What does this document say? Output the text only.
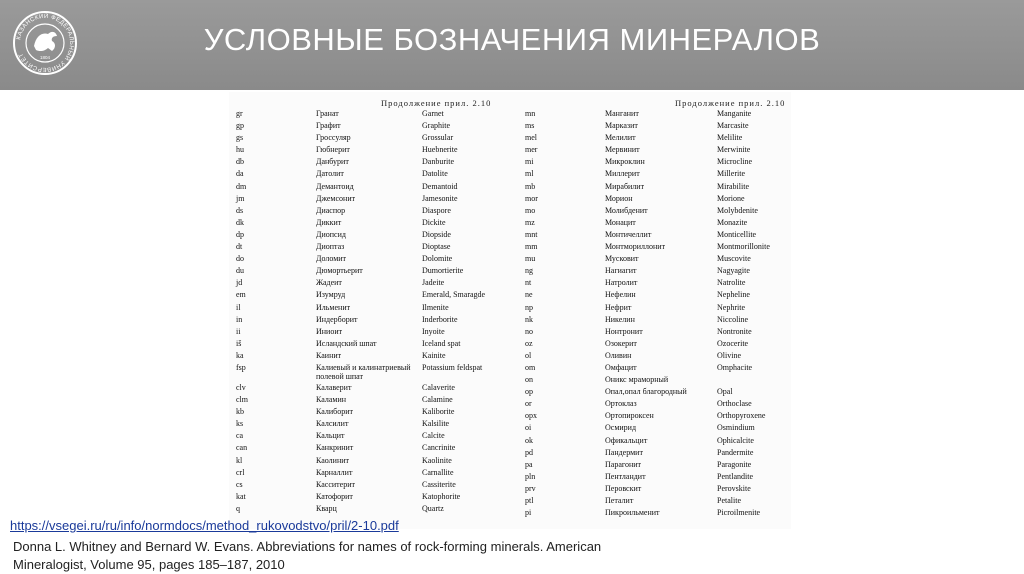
КАЗАНСКИЙ ФЕДЕРАЛЬНЫЙ УНИВЕРСИТЕТ	1804
УСЛОВНЫЕ БОЗНАЧЕНИЯ МИНЕРАЛОВ
Продолжение прил. 2.10	Продолжение прил. 2.10
gr	Гранат	Garnet
gp	Графит	Graphite
gs	Гроссуляр	Grossular
hu	Гюбнерит	Huebnerite
db	Данбурит	Danburite
da	Датолит	Datolite
dm	Демантоид	Demantoid
jm	Джемсонит	Jamesonite
ds	Диаспор	Diaspore
dk	Диккит	Dickite
dp	Диопсид	Diopside
dt	Диоптаз	Dioptase
do	Доломит	Dolomite
du	Дюмортьерит	Dumortierite
jd	Жадеит	Jadeite
em	Изумруд	Emerald, Smaragde
il	Ильменит	Ilmenite
in	Индерборит	Inderborite
ii	Иниоит	Inyoite
iš	Исландский шпат	Iceland spat
ka	Каинит	Kainite
fsp	Калиевый и калинатриевый полевой шпат
Potassium feldspat
clv	Калаверит	Calaverite
clm	Каламин	Calamine
kb	Калиборит	Kaliborite
ks	Калсилит	Kalsilite
ca	Кальцит	Calcite
can	Канкринит	Cancrinite
kl	Каолинит	Kaolinite
crl	Карналлит	Carnallite
cs	Касситерит	Cassiterite
kat	Катофорит	Katophorite
q	Кварц	Quartz
mn	Манганит	Manganite
ms	Марказит	Marcasite
mel	Мелилит	Melilite
mer	Мервинит	Merwinite
mi	Микроклин	Microcline
ml	Миллерит	Millerite
mb	Мирабилит	Mirabilite
mor	Морион	Morione
mo	Молибденит	Molybdenite
mz	Монацит	Monazite
mnt	Монтичеллит	Monticellite
mm	Монтмориллонит	Montmorillonite
mu	Мусковит	Muscovite
ng	Нагиагит	Nagyagite
nt	Натролит	Natrolite
ne	Нефелин	Nepheline
np	Нефрит	Nephrite
nk	Никелин	Niccoline
no	Нонтронит	Nontronite
oz	Озокерит	Ozocerite
ol	Оливин	Olivine
om	Омфацит	Omphacite
on	Оникс мраморный
op	Опал,опал благородный	Opal
or	Ортоклаз	Orthoclase
opx	Ортопироксен	Orthopyroxene
oi	Осмирид	Osmindium
ok	Офикальцит	Ophicalcite
pd	Пандермит	Pandermite
pa	Парагонит	Paragonite
pln	Пентландит	Pentlandite
prv	Перовскит	Perovskite
ptl	Петалит	Petalite
pi	Пикроильменит	Picroilmenite
https://vsegei.ru/ru/info/normdocs/method_rukovodstvo/pril/2-10.pdf
Donna L. Whitney and Bernard W. Evans. Abbreviations for names of rock-forming minerals. American Mineralogist, Volume 95, pages 185–187, 2010
